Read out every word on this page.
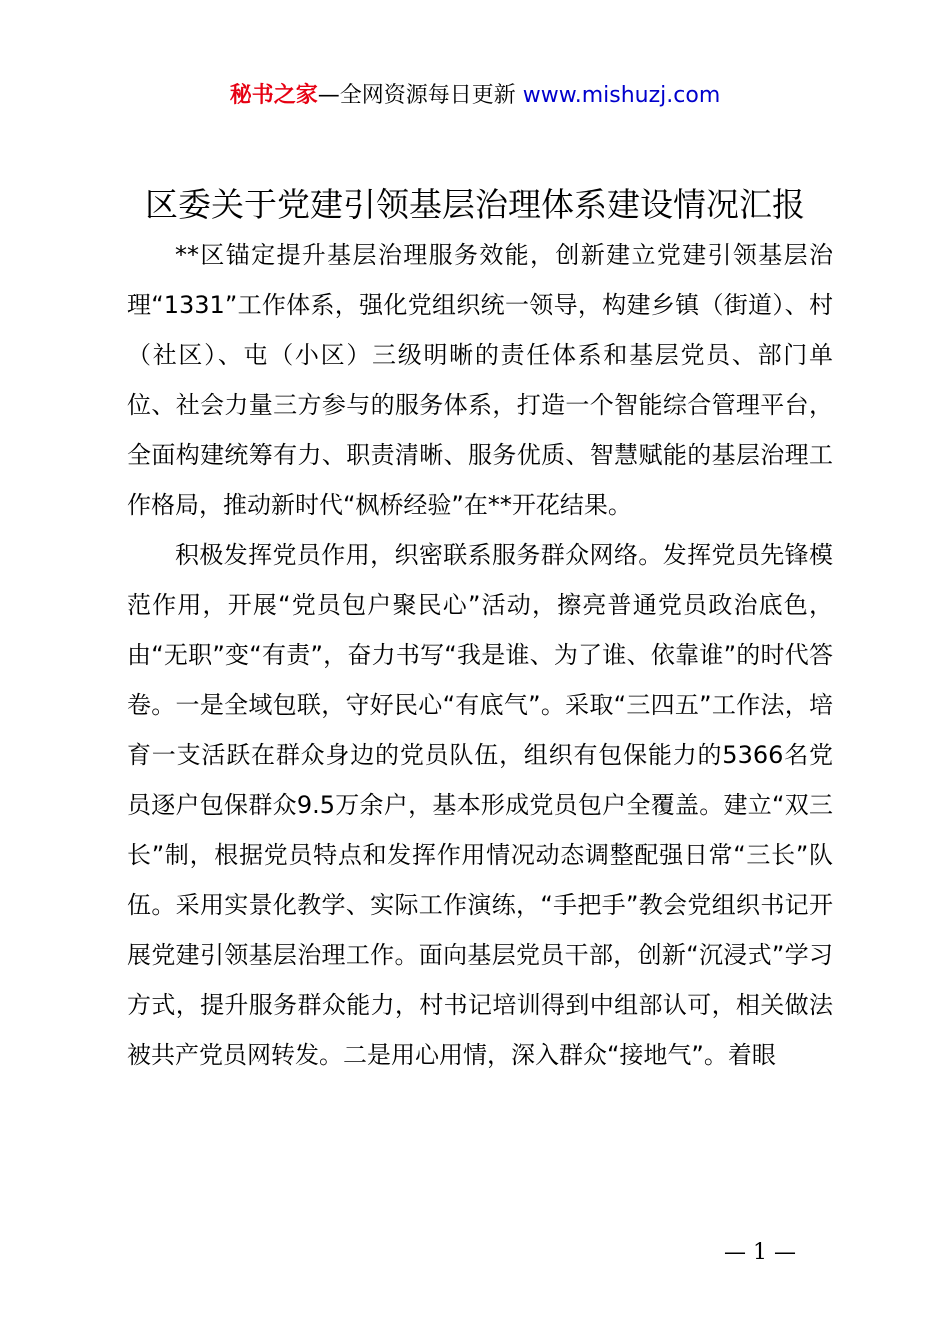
秘书之家—全网资源每日更新 www.mishuzj.com
区委关于党建引领基层治理体系建设情况汇报

**区锚定提升基层治理服务效能，创新建立党建引领基层治理“1331”工作体系，强化党组织统一领导，构建乡镇（街道）、村（社区）、屯（小区）三级明晰的责任体系和基层党员、部门单位、社会力量三方参与的服务体系，打造一个智能综合管理平台，全面构建统筹有力、职责清晰、服务优质、智慧赋能的基层治理工作格局，推动新时代“枫桥经验”在**开花结果。

积极发挥党员作用，织密联系服务群众网络。发挥党员先锋模范作用，开展“党员包户聚民心”活动，擦亮普通党员政治底色，由“无职”变“有责”，奋力书写“我是谁、为了谁、依靠谁”的时代答卷。一是全域包联，守好民心“有底气”。采取“三四五”工作法，培育一支活跃在群众身边的党员队伍，组织有包保能力的5366名党员逐户包保群众9.5万余户，基本形成党员包户全覆盖。建立“双三长”制，根据党员特点和发挥作用情况动态调整配强日常“三长”队伍。采用实景化教学、实际工作演练，“手把手”教会党组织书记开展党建引领基层治理工作。面向基层党员干部，创新“沉浸式”学习方式，提升服务群众能力，村书记培训得到中组部认可，相关做法被共产党员网转发。二是用心用情，深入群众“接地气”。着眼

— 1 —
